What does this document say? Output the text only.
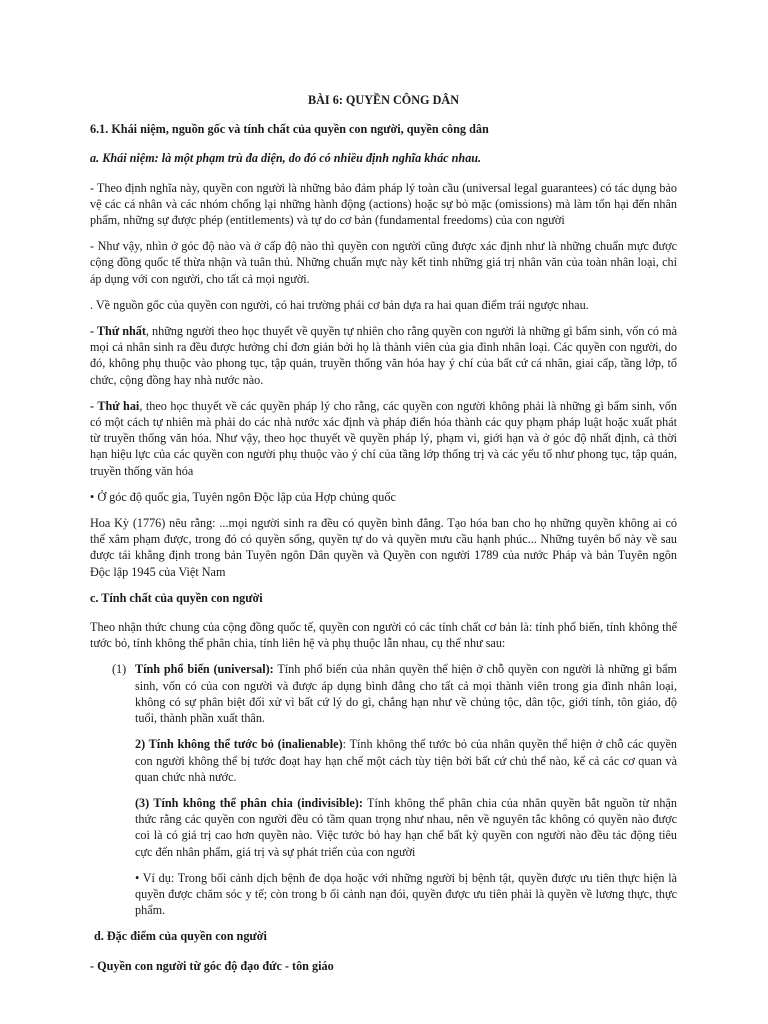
BÀI 6: QUYỀN CÔNG DÂN

6.1. Khái niệm, nguồn gốc và tính chất của quyền con người, quyền công dân

a. Khái niệm: là một phạm trù đa diện, do đó có nhiều định nghĩa khác nhau.

- Theo định nghĩa này, quyền con người là những bảo đảm pháp lý toàn cầu (universal legal guarantees) có tác dụng bảo vệ các cá nhân và các nhóm chống lại những hành động (actions) hoặc sự bỏ mặc (omissions) mà làm tổn hại đến nhân phẩm, những sự được phép (entitlements) và tự do cơ bản (fundamental freedoms) của con người

- Như vậy, nhìn ở góc độ nào và ở cấp độ nào thì quyền con người cũng được xác định như là những chuẩn mực được cộng đồng quốc tế thừa nhận và tuân thủ. Những chuẩn mực này kết tinh những giá trị nhân văn của toàn nhân loại, chỉ áp dụng với con người, cho tất cả mọi người.

. Về nguồn gốc của quyền con người, có hai trường phái cơ bản dựa ra hai quan điểm trái ngược nhau.

- Thứ nhất, những người theo học thuyết về quyền tự nhiên cho rằng quyền con người là những gì bẩm sinh, vốn có mà mọi cá nhân sinh ra đều được hưởng chỉ đơn giản bởi họ là thành viên của gia đình nhân loại. Các quyền con người, do đó, không phụ thuộc vào phong tục, tập quán, truyền thống văn hóa hay ý chí của bất cứ cá nhân, giai cấp, tầng lớp, tổ chức, cộng đồng hay nhà nước nào.

- Thứ hai, theo học thuyết về các quyền pháp lý cho rằng, các quyền con người không phải là những gì bẩm sinh, vốn có một cách tự nhiên mà phải do các nhà nước xác định và pháp điển hóa thành các quy phạm pháp luật hoặc xuất phát từ truyền thống văn hóa. Như vậy, theo học thuyết về quyền pháp lý, phạm vi, giới hạn và ở góc độ nhất định, cả thời hạn hiệu lực của các quyền con người phụ thuộc vào ý chí của tầng lớp thống trị và các yếu tố như phong tục, tập quán, truyền thống văn hóa

• Ở góc độ quốc gia, Tuyên ngôn Độc lập của Hợp chủng quốc

Hoa Kỳ (1776) nêu rằng: ...mọi người sinh ra đều có quyền bình đẳng. Tạo hóa ban cho họ những quyền không ai có thể xâm phạm được, trong đó có quyền sống, quyền tự do và quyền mưu cầu hạnh phúc... Những tuyên bố này về sau được tái khẳng định trong bản Tuyên ngôn Dân quyền và Quyền con người 1789 của nước Pháp và bản Tuyên ngôn Độc lập 1945 của Việt Nam

c. Tính chất của quyền con người

Theo nhận thức chung của cộng đồng quốc tế, quyền con người có các tính chất cơ bản là: tính phổ biến, tính không thể tước bỏ, tính không thể phân chia, tính liên hệ và phụ thuộc lẫn nhau, cụ thể như sau:

(1) Tính phổ biến (universal): Tính phổ biến của nhân quyền thể hiện ở chỗ quyền con người là những gì bẩm sinh, vốn có của con người và được áp dụng bình đẳng cho tất cả mọi thành viên trong gia đình nhân loại, không có sự phân biệt đối xử vì bất cứ lý do gì, chẳng hạn như về chủng tộc, dân tộc, giới tính, tôn giáo, độ tuổi, thành phần xuất thân.

2) Tính không thể tước bỏ (inalienable): Tính không thể tước bỏ của nhân quyền thể hiện ở chỗ các quyền con người không thể bị tước đoạt hay hạn chế một cách tùy tiện bởi bất cứ chủ thể nào, kể cả các cơ quan và quan chức nhà nước.

(3) Tính không thể phân chia (indivisible): Tính không thể phân chia của nhân quyền bắt nguồn từ nhận thức rằng các quyền con người đều có tầm quan trọng như nhau, nên về nguyên tắc không có quyền nào được coi là có giá trị cao hơn quyền nào. Việc tước bỏ hay hạn chế bất kỳ quyền con người nào đều tác động tiêu cực đến nhân phẩm, giá trị và sự phát triển của con người

• Ví dụ: Trong bối cảnh dịch bệnh đe dọa hoặc với những người bị bệnh tật, quyền được ưu tiên thực hiện là quyền được chăm sóc y tế; còn trong b ối cảnh nạn đói, quyền được ưu tiên phải là quyền về lương thực, thực phẩm.

d. Đặc điểm của quyền con người

- Quyền con người từ góc độ đạo đức - tôn giáo
